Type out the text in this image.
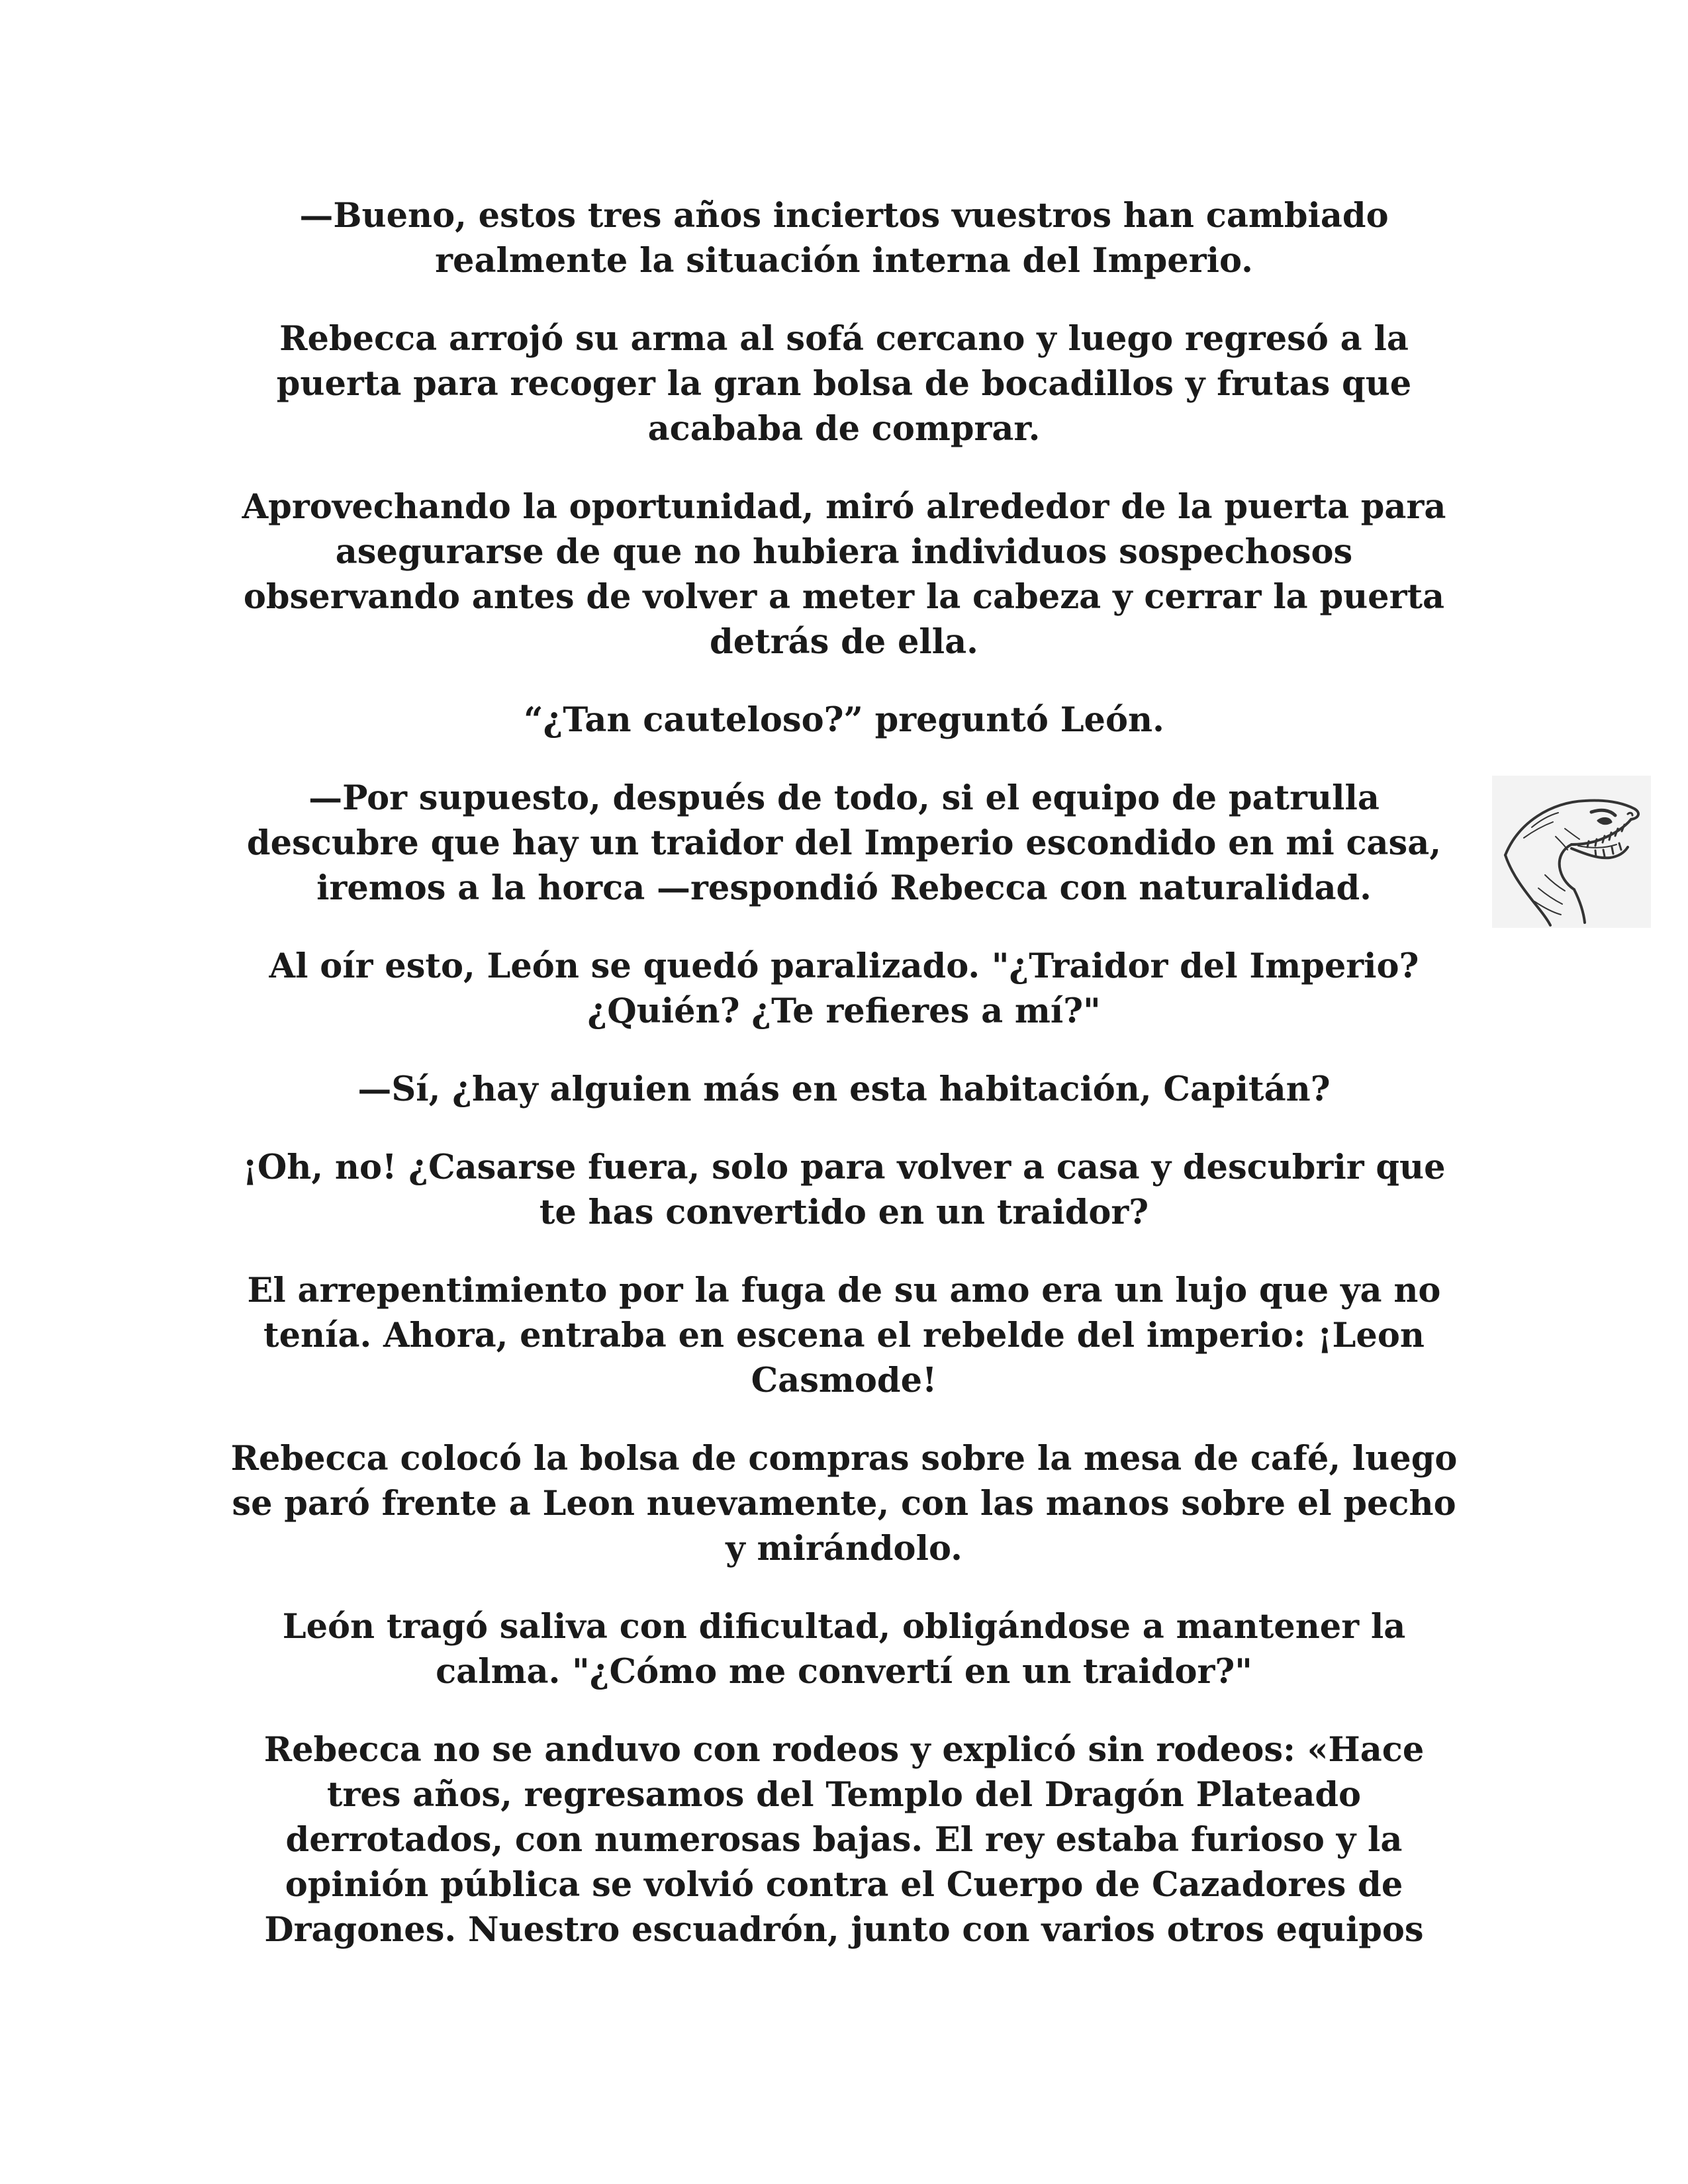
—Bueno, estos tres años inciertos vuestros han cambiado realmente la situación interna del Imperio.

Rebecca arrojó su arma al sofá cercano y luego regresó a la puerta para recoger la gran bolsa de bocadillos y frutas que acababa de comprar.

Aprovechando la oportunidad, miró alrededor de la puerta para asegurarse de que no hubiera individuos sospechosos observando antes de volver a meter la cabeza y cerrar la puerta detrás de ella.

“¿Tan cauteloso?” preguntó León.

—Por supuesto, después de todo, si el equipo de patrulla descubre que hay un traidor del Imperio escondido en mi casa, iremos a la horca —respondió Rebecca con naturalidad.

Al oír esto, León se quedó paralizado. "¿Traidor del Imperio? ¿Quién? ¿Te refieres a mí?"

—Sí, ¿hay alguien más en esta habitación, Capitán?

¡Oh, no! ¿Casarse fuera, solo para volver a casa y descubrir que te has convertido en un traidor?

El arrepentimiento por la fuga de su amo era un lujo que ya no tenía. Ahora, entraba en escena el rebelde del imperio: ¡Leon Casmode!

Rebecca colocó la bolsa de compras sobre la mesa de café, luego se paró frente a Leon nuevamente, con las manos sobre el pecho y mirándolo.

León tragó saliva con dificultad, obligándose a mantener la calma. "¿Cómo me convertí en un traidor?"

Rebecca no se anduvo con rodeos y explicó sin rodeos: «Hace tres años, regresamos del Templo del Dragón Plateado derrotados, con numerosas bajas. El rey estaba furioso y la opinión pública se volvió contra el Cuerpo de Cazadores de Dragones. Nuestro escuadrón, junto con varios otros equipos
